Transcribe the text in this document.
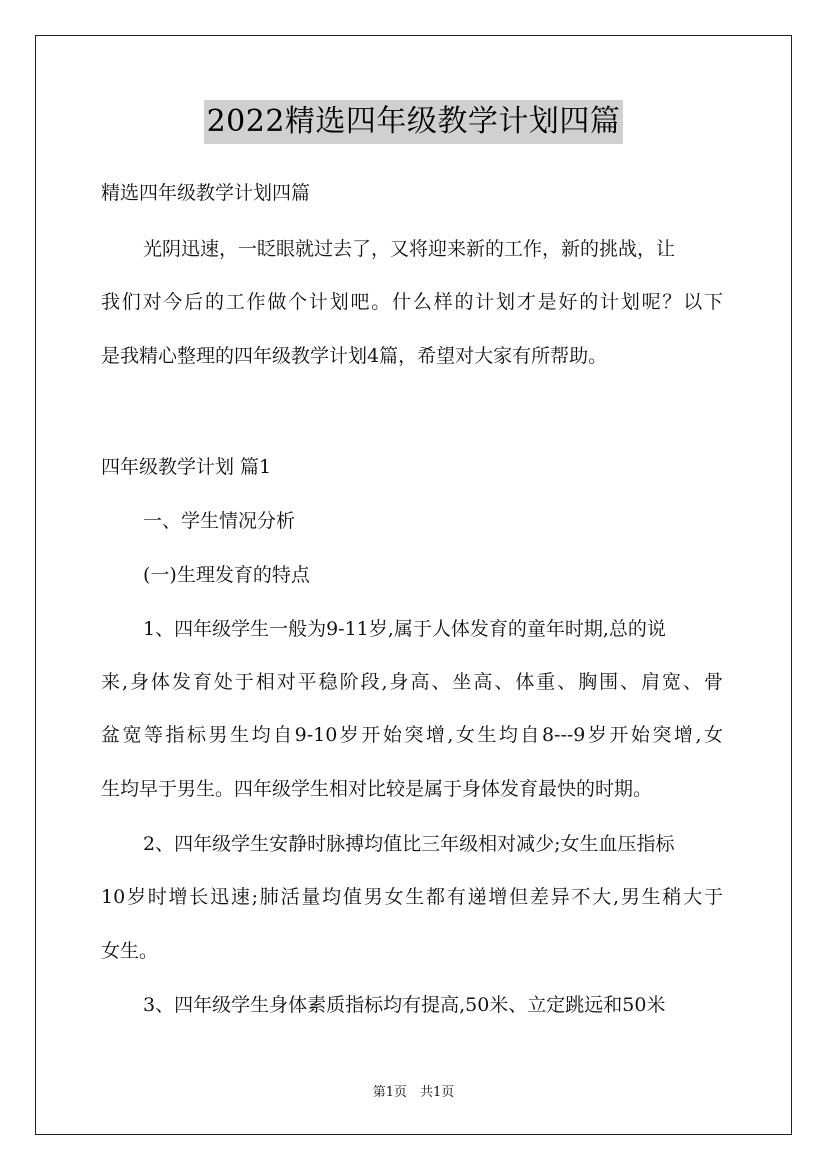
2022精选四年级教学计划四篇
精选四年级教学计划四篇
光阴迅速，一眨眼就过去了，又将迎来新的工作，新的挑战，让
我们对今后的工作做个计划吧。什么样的计划才是好的计划呢？以下
是我精心整理的四年级教学计划4篇，希望对大家有所帮助。
四年级教学计划 篇1
一、学生情况分析
(一)生理发育的特点
1、四年级学生一般为9-11岁,属于人体发育的童年时期,总的说
来,身体发育处于相对平稳阶段,身高、坐高、体重、胸围、肩宽、骨
盆宽等指标男生均自9-10岁开始突增,女生均自8---9岁开始突增,女
生均早于男生。四年级学生相对比较是属于身体发育最快的时期。
2、四年级学生安静时脉搏均值比三年级相对减少;女生血压指标
10岁时增长迅速;肺活量均值男女生都有递增但差异不大,男生稍大于
女生。
3、四年级学生身体素质指标均有提高,50米、立定跳远和50米
第1页　共1页
